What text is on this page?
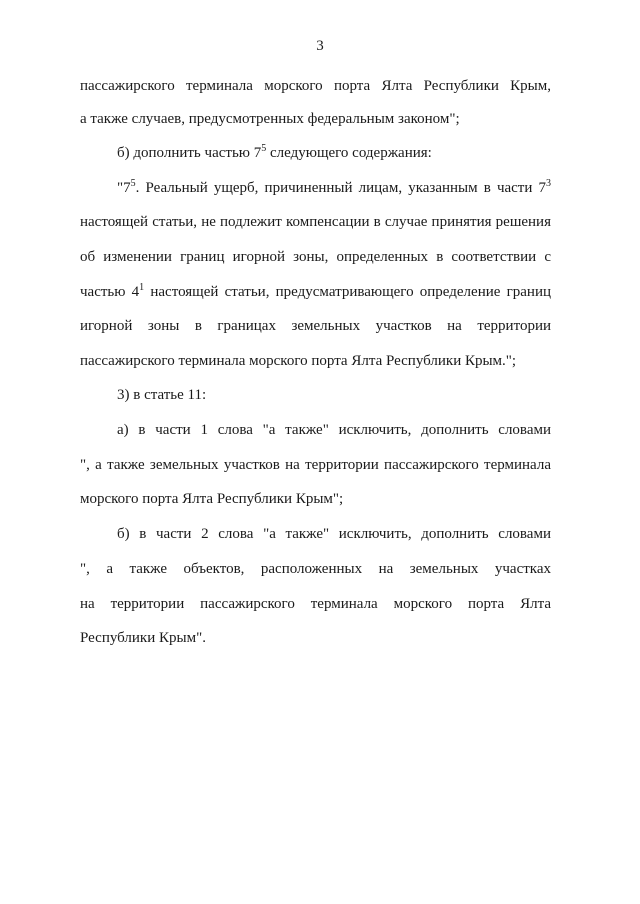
3
пассажирского терминала морского порта Ялта Республики Крым,
а также случаев, предусмотренных федеральным законом";
б) дополнить частью $7^5$ следующего содержания:
"$7^5$. Реальный ущерб, причиненный лицам, указанным в части $7^3$
настоящей статьи, не подлежит компенсации в случае принятия решения
об изменении границ игорной зоны, определенных в соответствии с
частью $4^1$ настоящей статьи, предусматривающего определение границ
игорной зоны в границах земельных участков на территории
пассажирского терминала морского порта Ялта Республики Крым.";
3) в статье 11:
а) в части 1 слова "а также" исключить, дополнить словами
", а также земельных участков на территории пассажирского терминала
морского порта Ялта Республики Крым";
б) в части 2 слова "а также" исключить, дополнить словами
", а также объектов, расположенных на земельных участках
на территории пассажирского терминала морского порта Ялта
Республики Крым".
